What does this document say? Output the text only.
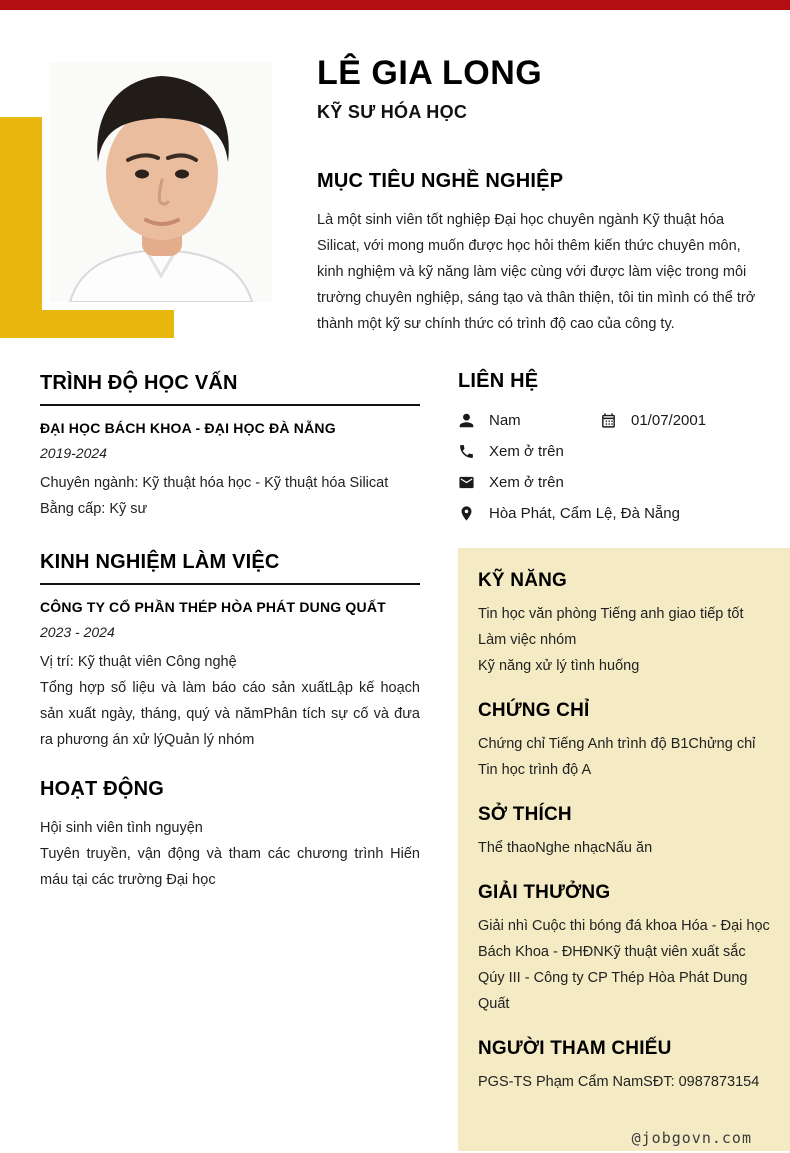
LÊ GIA LONG
KỸ SƯ HÓA HỌC
MỤC TIÊU NGHỀ NGHIỆP
Là một sinh viên tốt nghiệp Đại học chuyên ngành Kỹ thuật hóa Silicat, với mong muốn được học hỏi thêm kiến thức chuyên môn, kinh nghiệm và kỹ năng làm việc cùng với được làm việc trong môi trường chuyên nghiệp, sáng tạo và thân thiện, tôi tin mình có thể trở thành một kỹ sư chính thức có trình độ cao của công ty.
TRÌNH ĐỘ HỌC VẤN
ĐẠI HỌC BÁCH KHOA - ĐẠI HỌC ĐÀ NẴNG
2019-2024

Chuyên ngành: Kỹ thuật hóa học - Kỹ thuật hóa Silicat

Bằng cấp: Kỹ sư

KINH NGHIỆM LÀM VIỆC
CÔNG TY CỔ PHẦN THÉP HÒA PHÁT DUNG QUẤT
2023 - 2024

Vị trí: Kỹ thuật viên Công nghệ

Tổng hợp số liệu và làm báo cáo sản xuấtLập kế hoạch sản xuất ngày, tháng, quý và nămPhân tích sự cố và đưa ra phương án xử lýQuản lý nhóm

HOẠT ĐỘNG

Hội sinh viên tình nguyện

Tuyên truyền, vận động và tham các chương trình Hiến máu tại các trường Đại học

LIÊN HỆ
Nam	01/07/2001
Xem ở trên
Xem ở trên
Hòa Phát, Cẩm Lệ, Đà Nẵng
KỸ NĂNG
Tin học văn phòng Tiếng anh giao tiếp tốt
Làm việc nhóm
Kỹ năng xử lý tình huống
CHỨNG CHỈ
Chứng chỉ Tiếng Anh trình độ B1Chửng chỉ Tin học trình độ A
SỞ THÍCH
Thể thaoNghe nhạcNấu ăn
GIẢI THƯỞNG
Giải nhì Cuộc thi bóng đá khoa Hóa - Đại học Bách Khoa - ĐHĐNKỹ thuật viên xuất sắc Qúy III - Công ty CP Thép Hòa Phát Dung Quất
NGƯỜI THAM CHIẾU
PGS-TS Phạm Cẩm NamSĐT: 0987873154
@jobgovn.com
